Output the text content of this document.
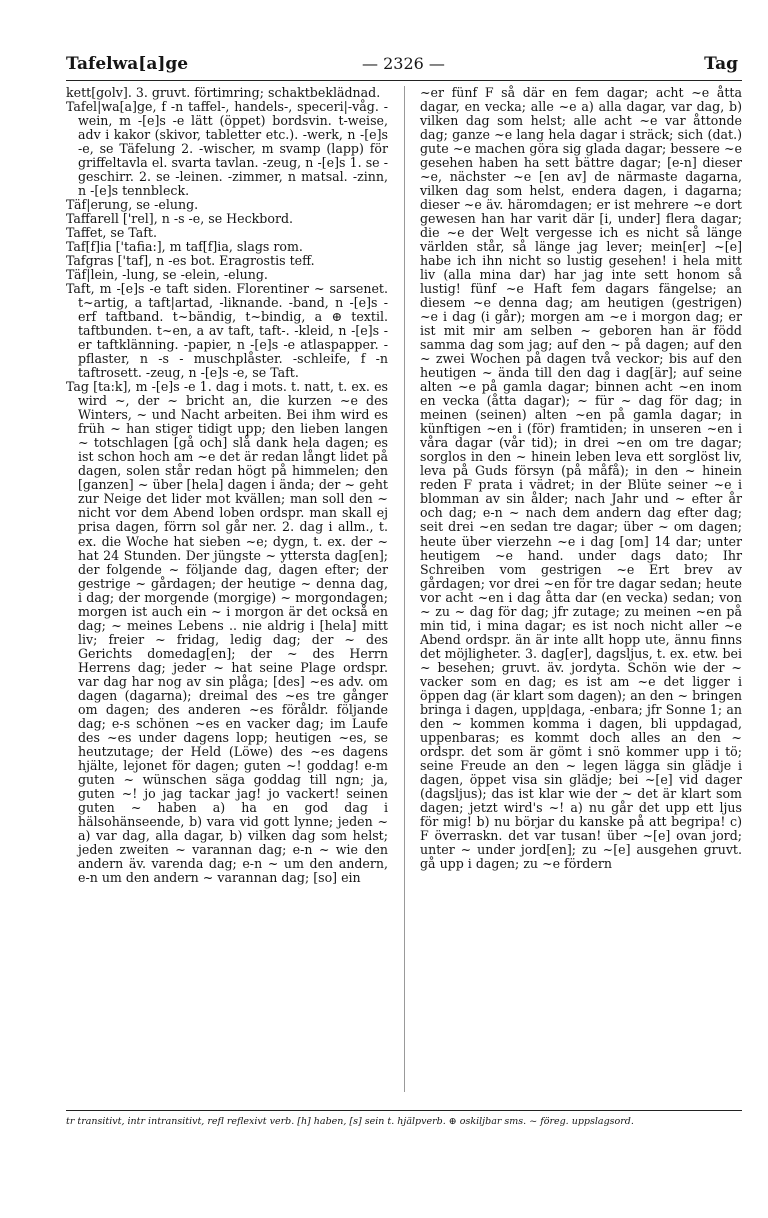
Tafelwa[a]ge	— 2326 —	Tag

kett[golv]. 3. gruvt. förtimring; schaktbeklädnad.

Tafel|wa[a]ge, f -n taffel-, handels-, speceri|-våg. -wein, m -[e]s -e lätt (öppet) bordsvin. t-weise, adv i kakor (skivor, tabletter etc.). -werk, n -[e]s -e, se Täfelung 2. -wischer, m svamp (lapp) för griffeltavla el. svarta tavlan. -zeug, n -[e]s 1. se -geschirr. 2. se -leinen. -zimmer, n matsal. -zinn, n -[e]s tennbleck.

Täf|erung, se -elung.

Taffarell ['rel], n -s -e, se Heckbord.

Taffet, se Taft.

Taf[f]ia ['tafia:], m taf[f]ia, slags rom.

Tafgras ['taf], n -es bot. Eragrostis teff.

Täf|lein, -lung, se -elein, -elung.

Taft, m -[e]s -e taft siden. Florentiner ~ sarsenet. t~artig, a taft|artad, -liknande. -band, n -[e]s -erf taftband. t~bändig, t~bindig, a ⊕ textil. taftbunden. t~en, a av taft, taft-. -kleid, n -[e]s -er taftklänning. -papier, n -[e]s -e atlaspapper. -pflaster, n -s - muschplåster. -schleife, f -n taftrosett. -zeug, n -[e]s -e, se Taft.

Tag [ta:k], m -[e]s -e 1. dag i mots. t. natt, t. ex. es wird ~, der ~ bricht an, die kurzen ~e des Winters, ~ und Nacht arbeiten. Bei ihm wird es früh ~ han stiger tidigt upp; den lieben langen ~ totschlagen [gå och] slå dank hela dagen; es ist schon hoch am ~e det är redan långt lidet på dagen, solen står redan högt på himmelen; den [ganzen] ~ über [hela] dagen i ända; der ~ geht zur Neige det lider mot kvällen; man soll den ~ nicht vor dem Abend loben ordspr. man skall ej prisa dagen, förrn sol går ner. 2. dag i allm., t. ex. die Woche hat sieben ~e; dygn, t. ex. der ~ hat 24 Stunden. Der jüngste ~ yttersta dag[en]; der folgende ~ följande dag, dagen efter; der gestrige ~ gårdagen; der heutige ~ denna dag, i dag; der morgende (morgige) ~ morgondagen; morgen ist auch ein ~ i morgon är det också en dag; ~ meines Lebens .. nie aldrig i [hela] mitt liv; freier ~ fridag, ledig dag; der ~ des Gerichts domedag[en]; der ~ des Herrn Herrens dag; jeder ~ hat seine Plage ordspr. var dag har nog av sin plåga; [des] ~es adv. om dagen (dagarna); dreimal des ~es tre gånger om dagen; des anderen ~es föråldr. följande dag; e-s schönen ~es en vacker dag; im Laufe des ~es under dagens lopp; heutigen ~es, se heutzutage; der Held (Löwe) des ~es dagens hjälte, lejonet för dagen; guten ~! goddag! e-m guten ~ wünschen säga goddag till ngn; ja, guten ~! jo jag tackar jag! jo vackert! seinen guten ~ haben a) ha en god dag i hälsohänseende, b) vara vid gott lynne; jeden ~ a) var dag, alla dagar, b) vilken dag som helst; jeden zweiten ~ varannan dag; e-n ~ wie den andern äv. varenda dag; e-n ~ um den andern, e-n um den andern ~ varannan dag; [so] ein

~er fünf F så där en fem dagar; acht ~e åtta dagar, en vecka; alle ~e a) alla dagar, var dag, b) vilken dag som helst; alle acht ~e var åttonde dag; ganze ~e lang hela dagar i sträck; sich (dat.) gute ~e machen göra sig glada dagar; bessere ~e gesehen haben ha sett bättre dagar; [e-n] dieser ~e, nächster ~e [en av] de närmaste dagarna, vilken dag som helst, endera dagen, i dagarna; dieser ~e äv. häromdagen; er ist mehrere ~e dort gewesen han har varit där [i, under] flera dagar; die ~e der Welt vergesse ich es nicht så länge världen står, så länge jag lever; mein[er] ~[e] habe ich ihn nicht so lustig gesehen! i hela mitt liv (alla mina dar) har jag inte sett honom så lustig! fünf ~e Haft fem dagars fängelse; an diesem ~e denna dag; am heutigen (gestrigen) ~e i dag (i går); morgen am ~e i morgon dag; er ist mit mir am selben ~ geboren han är född samma dag som jag; auf den ~ på dagen; auf den ~ zwei Wochen på dagen två veckor; bis auf den heutigen ~ ända till den dag i dag[är]; auf seine alten ~e på gamla dagar; binnen acht ~en inom en vecka (åtta dagar); ~ für ~ dag för dag; in meinen (seinen) alten ~en på gamla dagar; in künftigen ~en i (för) framtiden; in unseren ~en i våra dagar (vår tid); in drei ~en om tre dagar; sorglos in den ~ hinein leben leva ett sorglöst liv, leva på Guds försyn (på måfå); in den ~ hinein reden F prata i vädret; in der Blüte seiner ~e i blomman av sin ålder; nach Jahr und ~ efter år och dag; e-n ~ nach dem andern dag efter dag; seit drei ~en sedan tre dagar; über ~ om dagen; heute über vierzehn ~e i dag [om] 14 dar; unter heutigem ~e hand. under dags dato; Ihr Schreiben vom gestrigen ~e Ert brev av gårdagen; vor drei ~en för tre dagar sedan; heute vor acht ~en i dag åtta dar (en vecka) sedan; von ~ zu ~ dag för dag; jfr zutage; zu meinen ~en på min tid, i mina dagar; es ist noch nicht aller ~e Abend ordspr. än är inte allt hopp ute, ännu finns det möjligheter. 3. dag[er], dagsljus, t. ex. etw. bei ~ besehen; gruvt. äv. jordyta. Schön wie der ~ vacker som en dag; es ist am ~e det ligger i öppen dag (är klart som dagen); an den ~ bringen bringa i dagen, upp|daga, -enbara; jfr Sonne 1; an den ~ kommen komma i dagen, bli uppdagad, uppenbaras; es kommt doch alles an den ~ ordspr. det som är gömt i snö kommer upp i tö; seine Freude an den ~ legen lägga sin glädje i dagen, öppet visa sin glädje; bei ~[e] vid dager (dagsljus); das ist klar wie der ~ det är klart som dagen; jetzt wird's ~! a) nu går det upp ett ljus för mig! b) nu börjar du kanske på att begripa! c) F överraskn. det var tusan! über ~[e] ovan jord; unter ~ under jord[en]; zu ~[e] ausgehen gruvt. gå upp i dagen; zu ~e fördern

tr transitivt, intr intransitivt, refl reflexivt verb. [h] haben, [s] sein t. hjälpverb. ⊕ oskiljbar sms. ~ föreg. uppslagsord.
